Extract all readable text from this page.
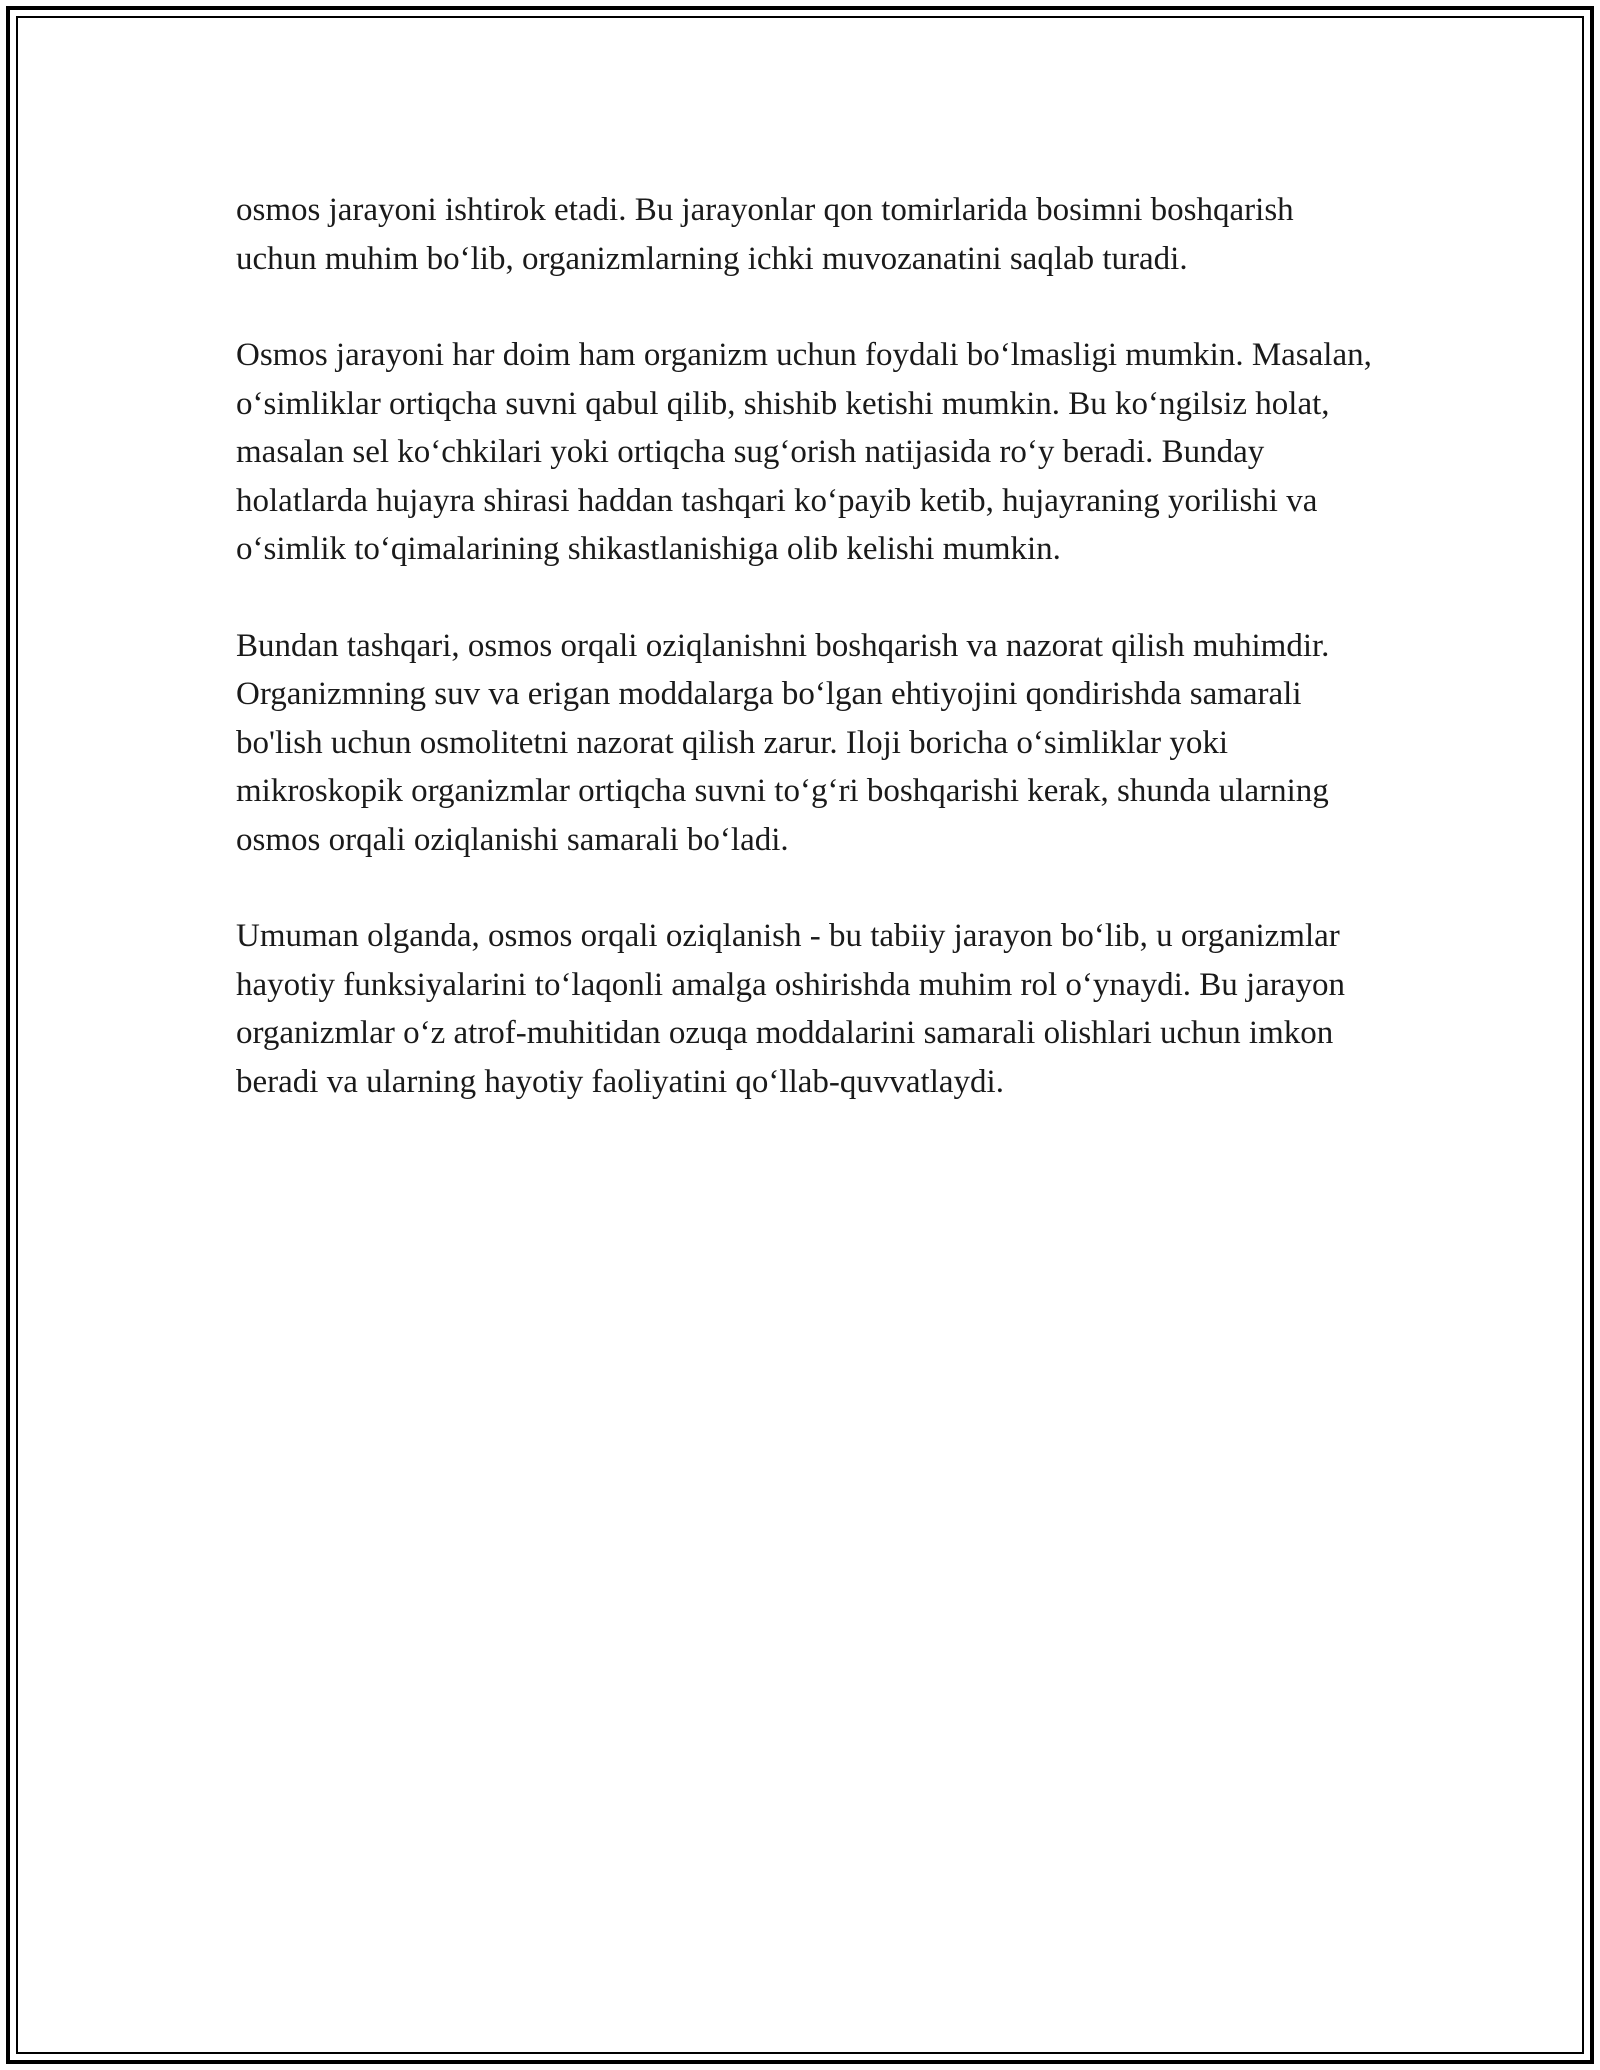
osmos jarayoni ishtirok etadi. Bu jarayonlar qon tomirlarida bosimni boshqarish uchun muhim bo‘lib, organizmlarning ichki muvozanatini saqlab turadi.

Osmos jarayoni har doim ham organizm uchun foydali bo‘lmasligi mumkin. Masalan, o‘simliklar ortiqcha suvni qabul qilib, shishib ketishi mumkin. Bu ko‘ngilsiz holat, masalan sel ko‘chkilari yoki ortiqcha sug‘orish natijasida ro‘y beradi. Bunday holatlarda hujayra shirasi haddan tashqari ko‘payib ketib, hujayraning yorilishi va o‘simlik to‘qimalarining shikastlanishiga olib kelishi mumkin.

Bundan tashqari, osmos orqali oziqlanishni boshqarish va nazorat qilish muhimdir. Organizmning suv va erigan moddalarga bo‘lgan ehtiyojini qondirishda samarali bo'lish uchun osmolitetni nazorat qilish zarur. Iloji boricha o‘simliklar yoki mikroskopik organizmlar ortiqcha suvni to‘g‘ri boshqarishi kerak, shunda ularning osmos orqali oziqlanishi samarali bo‘ladi.

Umuman olganda, osmos orqali oziqlanish - bu tabiiy jarayon bo‘lib, u organizmlar hayotiy funksiyalarini to‘laqonli amalga oshirishda muhim rol o‘ynaydi. Bu jarayon organizmlar o‘z atrof-muhitidan ozuqa moddalarini samarali olishlari uchun imkon beradi va ularning hayotiy faoliyatini qo‘llab-quvvatlaydi.
